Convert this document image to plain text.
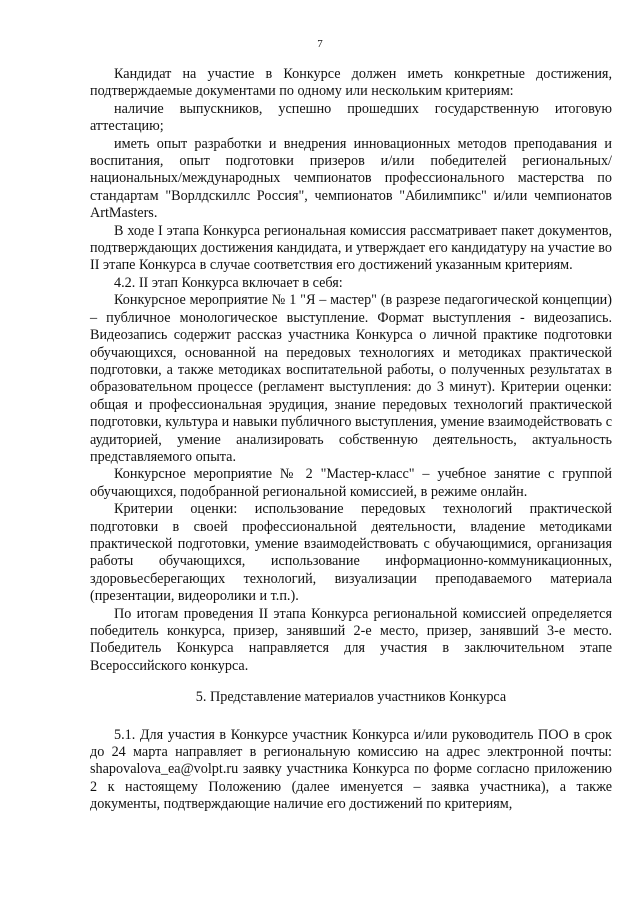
7

Кандидат на участие в Конкурсе должен иметь конкретные достижения, подтверждаемые документами по одному или нескольким критериям:

наличие выпускников, успешно прошедших государственную итоговую аттестацию;

иметь опыт разработки и внедрения инновационных методов преподавания и воспитания, опыт подготовки призеров и/или победителей региональных/национальных/международных чемпионатов профессионального мастерства по стандартам "Ворлдскиллс Россия", чемпионатов "Абилимпикс" и/или чемпионатов ArtMasters.

В ходе I этапа Конкурса региональная комиссия рассматривает пакет документов, подтверждающих достижения кандидата, и утверждает его кандидатуру на участие во II этапе Конкурса в случае соответствия его достижений указанным критериям.

4.2. II этап Конкурса включает в себя:

Конкурсное мероприятие № 1 "Я – мастер" (в разрезе педагогической концепции) – публичное монологическое выступление. Формат выступления - видеозапись. Видеозапись содержит рассказ участника Конкурса о личной практике подготовки обучающихся, основанной на передовых технологиях и методиках практической подготовки, а также методиках воспитательной работы, о полученных результатах в образовательном процессе (регламент выступления: до 3 минут). Критерии оценки: общая и профессиональная эрудиция, знание передовых технологий практической подготовки, культура и навыки публичного выступления, умение взаимодействовать с аудиторией, умение анализировать собственную деятельность, актуальность представляемого опыта.

Конкурсное мероприятие № 2 "Мастер-класс" – учебное занятие с группой обучающихся, подобранной региональной комиссией, в режиме онлайн.

Критерии оценки: использование передовых технологий практической подготовки в своей профессиональной деятельности, владение методиками практической подготовки, умение взаимодействовать с обучающимися, организация работы обучающихся, использование информационно-коммуникационных, здоровьесберегающих технологий, визуализации преподаваемого материала (презентации, видеоролики и т.п.).

По итогам проведения II этапа Конкурса региональной комиссией определяется победитель конкурса, призер, занявший 2-е место, призер, занявший 3-е место. Победитель Конкурса направляется для участия в заключительном этапе Всероссийского конкурса.

5. Представление материалов участников Конкурса

5.1. Для участия в Конкурсе участник Конкурса и/или руководитель ПОО в срок до 24 марта направляет в региональную комиссию на адрес электронной почты: shapovalova_ea@volpt.ru заявку участника Конкурса по форме согласно приложению 2 к настоящему Положению (далее именуется – заявка участника), а также документы, подтверждающие наличие его достижений по критериям,
